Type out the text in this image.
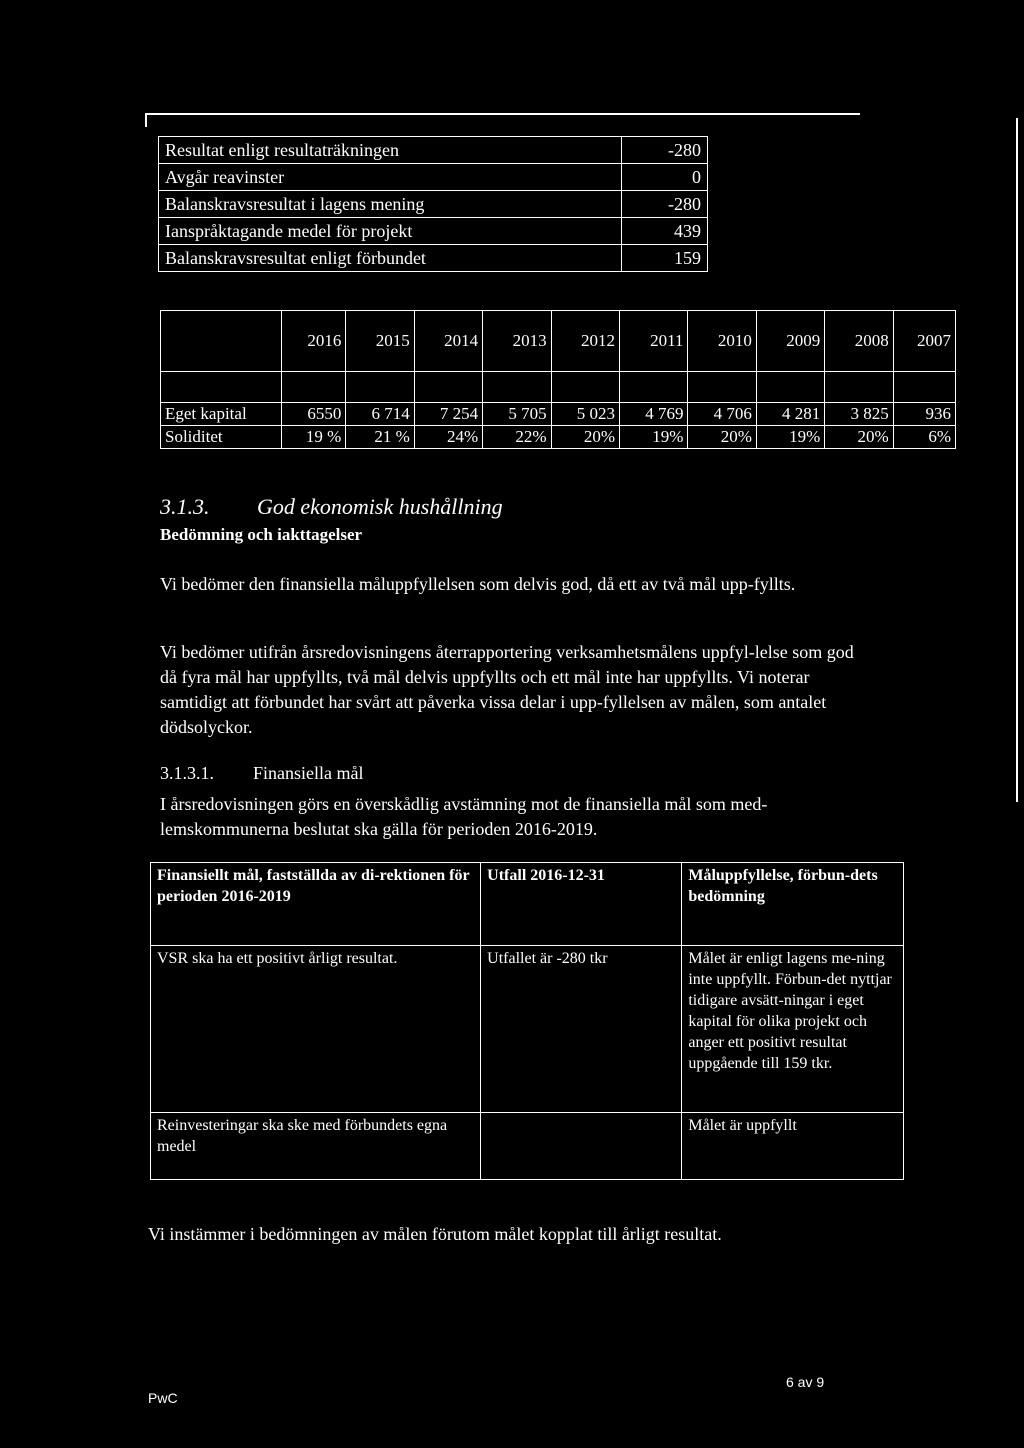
Resultat enligt resultaträkningen	-280
Avgår reavinster	0
Balanskravsresultat i lagens mening	-280
Ianspråktagande medel för projekt	439
Balanskravsresultat enligt förbundet	159
	2016	2015	2014	2013	2012	2011	2010	2009	2008	2007

Eget kapital	6550	6 714	7 254	5 705	5 023	4 769	4 706	4 281	3 825	936
Soliditet	19 %	21 %	24%	22%	20%	19%	20%	19%	20%	6%
3.1.3. God ekonomisk hushållning
Bedömning och iakttagelser
Vi bedömer den finansiella måluppfyllelsen som delvis god, då ett av två mål upp-fyllts.
Vi bedömer utifrån årsredovisningens återrapportering verksamhetsmålens uppfyl-lelse som god då fyra mål har uppfyllts, två mål delvis uppfyllts och ett mål inte har uppfyllts. Vi noterar samtidigt att förbundet har svårt att påverka vissa delar i upp-fyllelsen av målen, som antalet dödsolyckor.
3.1.3.1. Finansiella mål
I årsredovisningen görs en överskådlig avstämning mot de finansiella mål som med-lemskommunerna beslutat ska gälla för perioden 2016-2019.
Finansiellt mål, fastställda av di-rektionen för perioden 2016-2019	Utfall 2016-12-31	Måluppfyllelse, förbun-dets bedömning
VSR ska ha ett positivt årligt resultat.	Utfallet är -280 tkr	Målet är enligt lagens me-ning inte uppfyllt. Förbun-det nyttjar tidigare avsätt-ningar i eget kapital för olika projekt och anger ett positivt resultat uppgående till 159 tkr.
Reinvesteringar ska ske med förbundets egna medel		Målet är uppfyllt
Vi instämmer i bedömningen av målen förutom målet kopplat till årligt resultat.
PwC
6 av 9
